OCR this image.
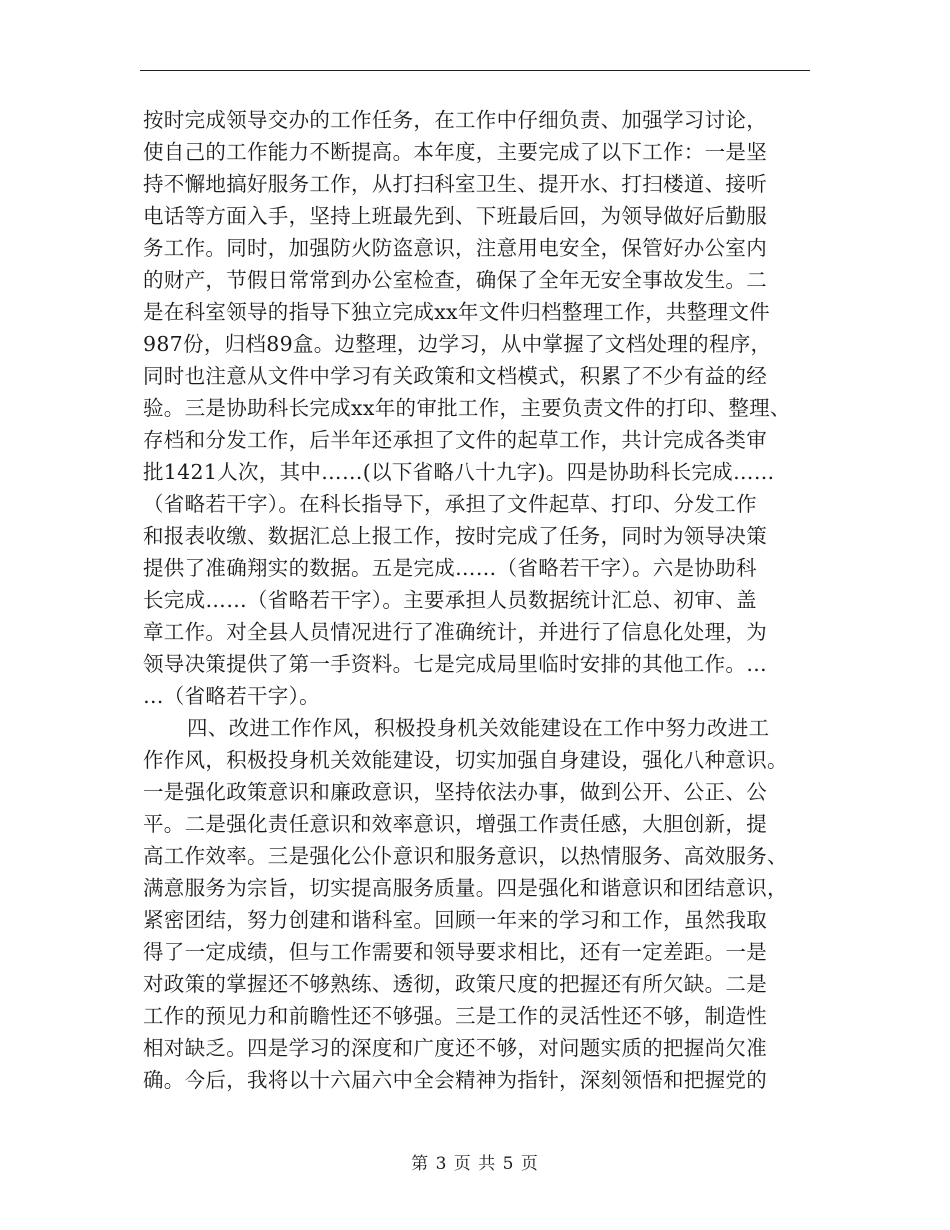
按时完成领导交办的工作任务，在工作中仔细负责、加强学习讨论，
使自己的工作能力不断提高。本年度，主要完成了以下工作：一是坚
持不懈地搞好服务工作，从打扫科室卫生、提开水、打扫楼道、接听
电话等方面入手，坚持上班最先到、下班最后回，为领导做好后勤服
务工作。同时，加强防火防盗意识，注意用电安全，保管好办公室内
的财产，节假日常常到办公室检查，确保了全年无安全事故发生。二
是在科室领导的指导下独立完成xx年文件归档整理工作，共整理文件
987份，归档89盒。边整理，边学习，从中掌握了文档处理的程序，
同时也注意从文件中学习有关政策和文档模式，积累了不少有益的经
验。三是协助科长完成xx年的审批工作，主要负责文件的打印、整理、
存档和分发工作，后半年还承担了文件的起草工作，共计完成各类审
批1421人次，其中……(以下省略八十九字)。四是协助科长完成……
（省略若干字）。在科长指导下，承担了文件起草、打印、分发工作
和报表收缴、数据汇总上报工作，按时完成了任务，同时为领导决策
提供了准确翔实的数据。五是完成……（省略若干字）。六是协助科
长完成……（省略若干字）。主要承担人员数据统计汇总、初审、盖
章工作。对全县人员情况进行了准确统计，并进行了信息化处理，为
领导决策提供了第一手资料。七是完成局里临时安排的其他工作。…
…（省略若干字）。
四、改进工作作风，积极投身机关效能建设在工作中努力改进工
作作风，积极投身机关效能建设，切实加强自身建设，强化八种意识。
一是强化政策意识和廉政意识，坚持依法办事，做到公开、公正、公
平。二是强化责任意识和效率意识，增强工作责任感，大胆创新，提
高工作效率。三是强化公仆意识和服务意识，以热情服务、高效服务、
满意服务为宗旨，切实提高服务质量。四是强化和谐意识和团结意识，
紧密团结，努力创建和谐科室。回顾一年来的学习和工作，虽然我取
得了一定成绩，但与工作需要和领导要求相比，还有一定差距。一是
对政策的掌握还不够熟练、透彻，政策尺度的把握还有所欠缺。二是
工作的预见力和前瞻性还不够强。三是工作的灵活性还不够，制造性
相对缺乏。四是学习的深度和广度还不够，对问题实质的把握尚欠准
确。今后，我将以十六届六中全会精神为指针，深刻领悟和把握党的
第 3 页 共 5 页
